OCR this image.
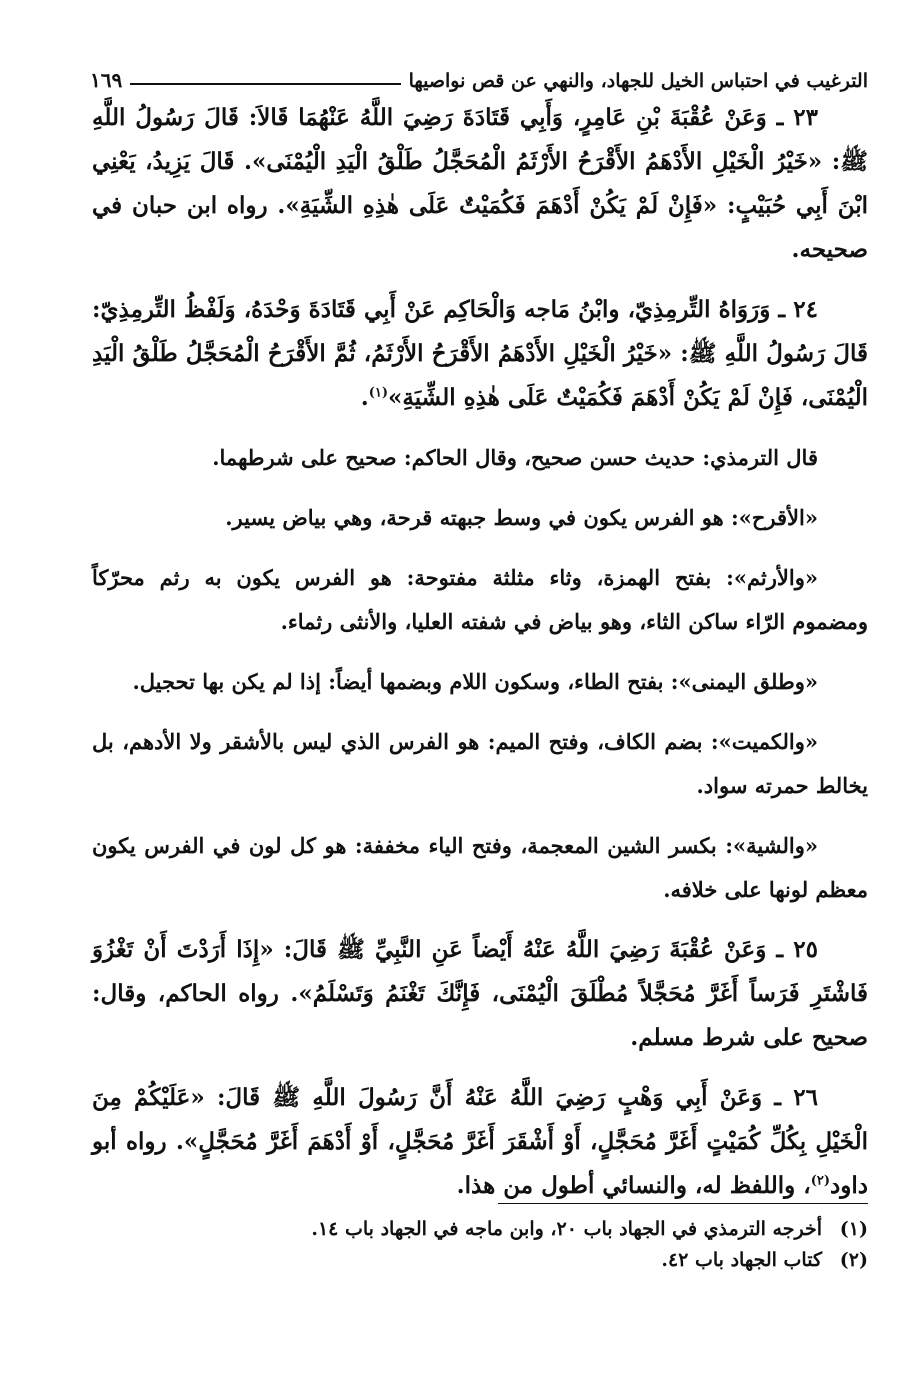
الترغيب في احتباس الخيل للجهاد، والنهي عن قص نواصيها
١٦٩

٢٣ ـ وَعَنْ عُقْبَةَ بْنِ عَامِرٍ، وَأَبِي قَتَادَةَ رَضِيَ اللَّهُ عَنْهُمَا قَالاَ: قَالَ رَسُولُ اللَّهِ ﷺ: «خَيْرُ الْخَيْلِ الأَدْهَمُ الأَقْرَحُ الأَرْثَمُ الْمُحَجَّلُ طَلْقُ الْيَدِ الْيُمْنَى». قَالَ يَزِيدُ، يَعْنِي ابْنَ أَبِي حُبَيْبٍ: «فَإِنْ لَمْ يَكُنْ أَدْهَمَ فَكُمَيْتٌ عَلَى هٰذِهِ الشِّيَةِ». رواه ابن حبان في صحيحه.

٢٤ ـ وَرَوَاهُ التِّرمِذِيّ، وابْنُ مَاجه وَالْحَاكِم عَنْ أَبِي قَتَادَةَ وَحْدَهُ، وَلَفْظُ التِّرمِذِيّ: قَالَ رَسُولُ اللَّهِ ﷺ: «خَيْرُ الْخَيْلِ الأَدْهَمُ الأَقْرَحُ الأَرْثَمُ، ثُمَّ الأَقْرَحُ الْمُحَجَّلُ طَلْقُ الْيَدِ الْيُمْنَى، فَإِنْ لَمْ يَكُنْ أَدْهَمَ فَكُمَيْتٌ عَلَى هٰذِهِ الشِّيَةِ»$^{(١)}$.

قال الترمذي: حديث حسن صحيح، وقال الحاكم: صحيح على شرطهما.

«الأقرح»: هو الفرس يكون في وسط جبهته قرحة، وهي بياض يسير.

«والأرثم»: بفتح الهمزة، وثاء مثلثة مفتوحة: هو الفرس يكون به رثم محرّكاً ومضموم الرّاء ساكن الثاء، وهو بياض في شفته العليا، والأنثى رثماء.

«وطلق اليمنى»: بفتح الطاء، وسكون اللام وبضمها أيضاً: إذا لم يكن بها تحجيل.

«والكميت»: بضم الكاف، وفتح الميم: هو الفرس الذي ليس بالأشقر ولا الأدهم، بل يخالط حمرته سواد.

«والشية»: بكسر الشين المعجمة، وفتح الياء مخففة: هو كل لون في الفرس يكون معظم لونها على خلافه.

٢٥ ـ وَعَنْ عُقْبَةَ رَضِيَ اللَّهُ عَنْهُ أَيْضاً عَنِ النَّبِيِّ ﷺ قَالَ: «إِذَا أَرَدْتَ أَنْ تَغْزُوَ فَاشْتَرِ فَرَساً أَغَرَّ مُحَجَّلاً مُطْلَقَ الْيُمْنَى، فَإِنَّكَ تَغْنَمُ وَتَسْلَمُ». رواه الحاكم، وقال: صحيح على شرط مسلم.

٢٦ ـ وَعَنْ أَبِي وَهْبٍ رَضِيَ اللَّهُ عَنْهُ أَنَّ رَسُولَ اللَّهِ ﷺ قَالَ: «عَلَيْكُمْ مِنَ الْخَيْلِ بِكُلِّ كُمَيْتٍ أَغَرَّ مُحَجَّلٍ، أَوْ أَشْقَرَ أَغَرَّ مُحَجَّلٍ، أَوْ أَدْهَمَ أَغَرَّ مُحَجَّلٍ». رواه أبو داود$^{(٢)}$، واللفظ له، والنسائي أطول من هذا.

(١)
أخرجه الترمذي في الجهاد باب ٢٠، وابن ماجه في الجهاد باب ١٤.
(٢)
كتاب الجهاد باب ٤٢.
